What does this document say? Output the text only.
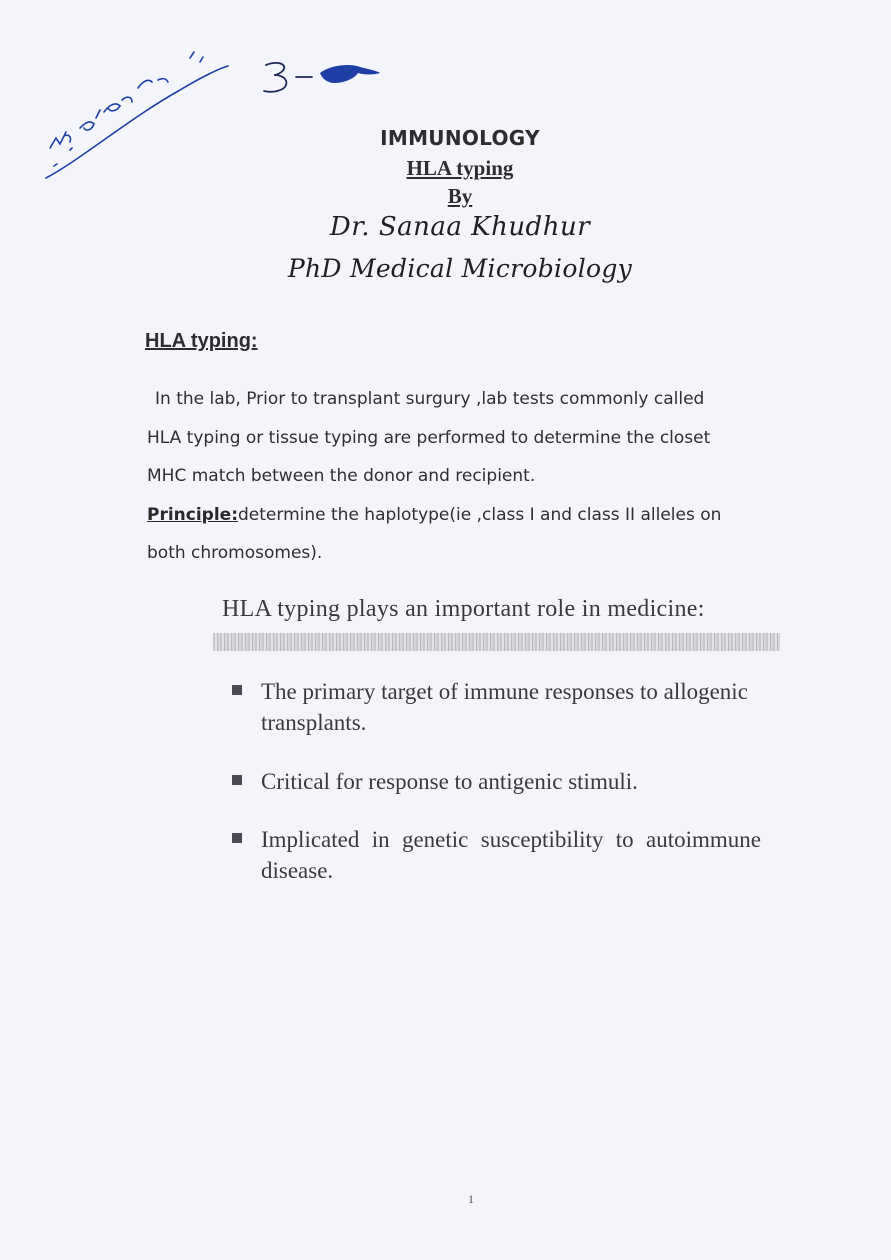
IMMUNOLOGY
HLA typing
By
Dr. Sanaa Khudhur
PhD Medical Microbiology
HLA typing:
In the lab, Prior to transplant surgury ,lab tests commonly called
HLA typing or tissue typing are performed to determine the closet
MHC match between the donor and recipient.
Principle:determine the haplotype(ie ,class I and class II alleles on
both chromosomes).
HLA typing plays an important role in medicine:
The primary target of immune responses to allogenic transplants.
Critical for response to antigenic stimuli.
Implicated in genetic susceptibility to autoimmune disease.
1
